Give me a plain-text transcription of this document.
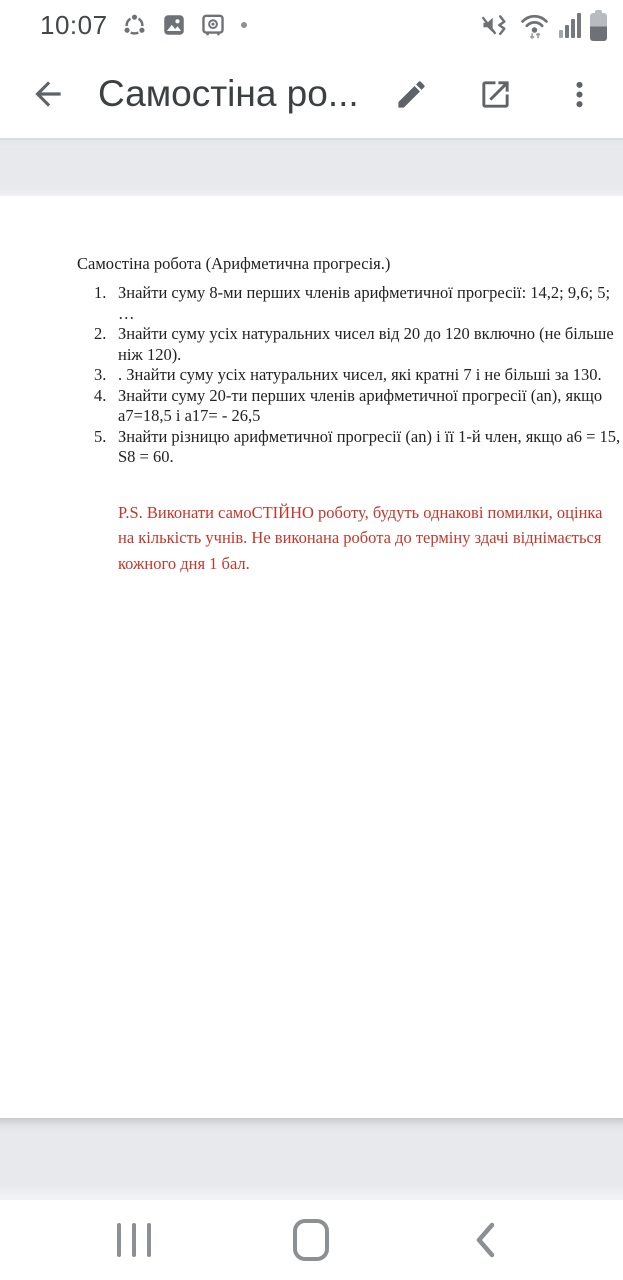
10:07
Самостіна ро...
Самостіна робота (Арифметична прогресія.)
1. Знайти суму 8-ми перших членів арифметичної прогресії: 14,2; 9,6; 5;
…
2. Знайти суму усіх натуральних чисел від 20 до 120 включно (не більше
ніж 120).
3. . Знайти суму усіх натуральних чисел, які кратні 7 і не більші за 130.
4. Знайти суму 20-ти перших членів арифметичної прогресії (an), якщо
a7=18,5 і a17= - 26,5
5. Знайти різницю арифметичної прогресії (an) і її 1-й член, якщо a6 = 15,
S8 = 60.
P.S. Виконати самоСТІЙНО роботу, будуть однакові помилки, оцінка
на кількість учнів. Не виконана робота до терміну здачі віднімається
кожного дня 1 бал.
